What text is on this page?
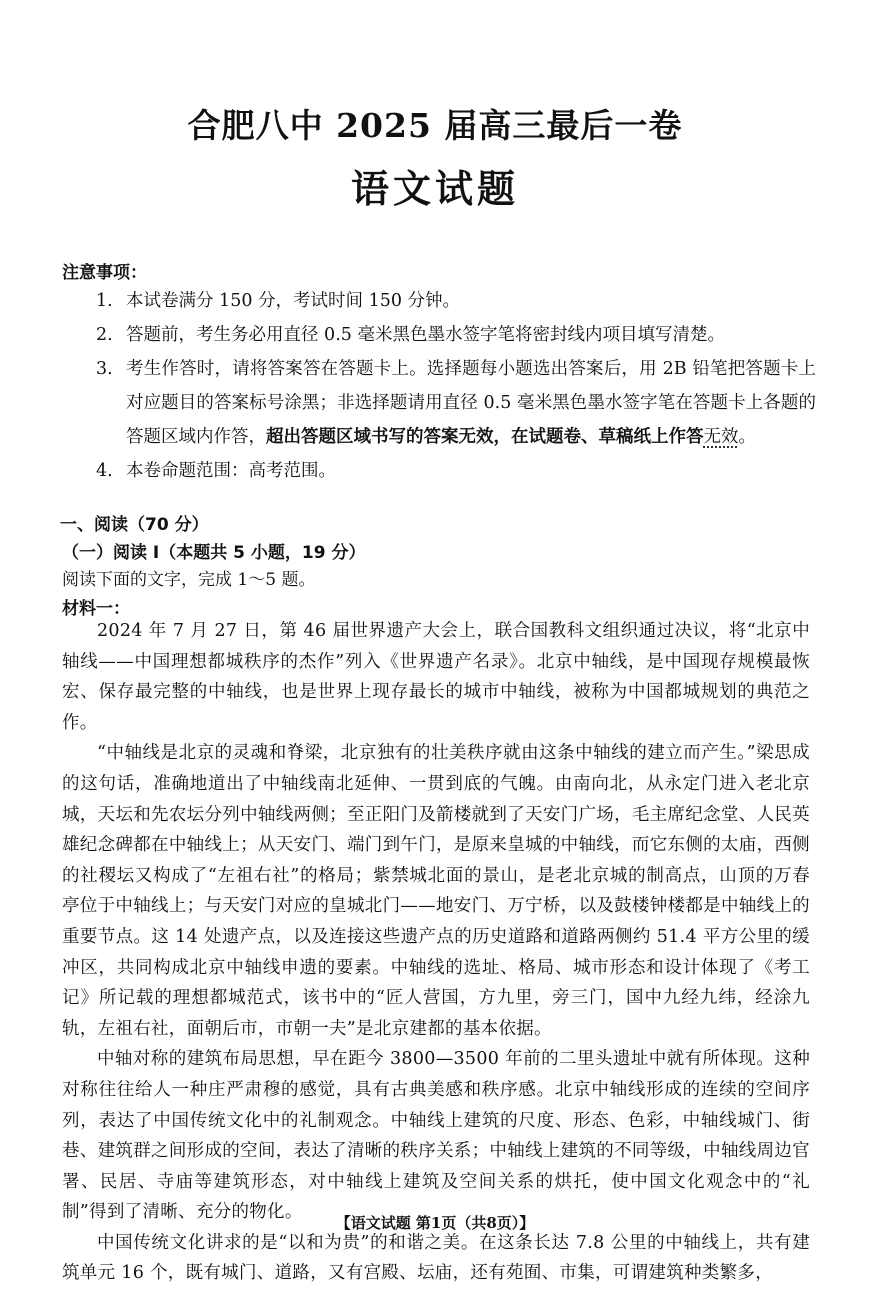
合肥八中 2025 届高三最后一卷
语文试题
注意事项：
1. 本试卷满分 150 分，考试时间 150 分钟。
2. 答题前，考生务必用直径 0.5 毫米黑色墨水签字笔将密封线内项目填写清楚。
3. 考生作答时，请将答案答在答题卡上。选择题每小题选出答案后，用 2B 铅笔把答题卡上对应题目的答案标号涂黑；非选择题请用直径 0.5 毫米黑色墨水签字笔在答题卡上各题的答题区域内作答，超出答题区域书写的答案无效，在试题卷、草稿纸上作答无效。
4. 本卷命题范围：高考范围。
一、阅读（70 分）
（一）阅读 I（本题共 5 小题，19 分）
阅读下面的文字，完成 1～5 题。
材料一：

2024 年 7 月 27 日，第 46 届世界遗产大会上，联合国教科文组织通过决议，将“北京中轴线——中国理想都城秩序的杰作”列入《世界遗产名录》。北京中轴线，是中国现存规模最恢宏、保存最完整的中轴线，也是世界上现存最长的城市中轴线，被称为中国都城规划的典范之作。

“中轴线是北京的灵魂和脊梁，北京独有的壮美秩序就由这条中轴线的建立而产生。”梁思成的这句话，准确地道出了中轴线南北延伸、一贯到底的气魄。由南向北，从永定门进入老北京城，天坛和先农坛分列中轴线两侧；至正阳门及箭楼就到了天安门广场，毛主席纪念堂、人民英雄纪念碑都在中轴线上；从天安门、端门到午门，是原来皇城的中轴线，而它东侧的太庙，西侧的社稷坛又构成了“左祖右社”的格局；紫禁城北面的景山，是老北京城的制高点，山顶的万春亭位于中轴线上；与天安门对应的皇城北门——地安门、万宁桥，以及鼓楼钟楼都是中轴线上的重要节点。这 14 处遗产点，以及连接这些遗产点的历史道路和道路两侧约 51.4 平方公里的缓冲区，共同构成北京中轴线申遗的要素。中轴线的选址、格局、城市形态和设计体现了《考工记》所记载的理想都城范式，该书中的“匠人营国，方九里，旁三门，国中九经九纬，经涂九轨，左祖右社，面朝后市，市朝一夫”是北京建都的基本依据。

中轴对称的建筑布局思想，早在距今 3800—3500 年前的二里头遗址中就有所体现。这种对称往往给人一种庄严肃穆的感觉，具有古典美感和秩序感。北京中轴线形成的连续的空间序列，表达了中国传统文化中的礼制观念。中轴线上建筑的尺度、形态、色彩，中轴线城门、街巷、建筑群之间形成的空间，表达了清晰的秩序关系；中轴线上建筑的不同等级，中轴线周边官署、民居、寺庙等建筑形态，对中轴线上建筑及空间关系的烘托，使中国文化观念中的“礼制”得到了清晰、充分的物化。

中国传统文化讲求的是“以和为贵”的和谐之美。在这条长达 7.8 公里的中轴线上，共有建筑单元 16 个，既有城门、道路，又有宫殿、坛庙，还有苑囿、市集，可谓建筑种类繁多，

【语文试题 第1页（共8页）】
